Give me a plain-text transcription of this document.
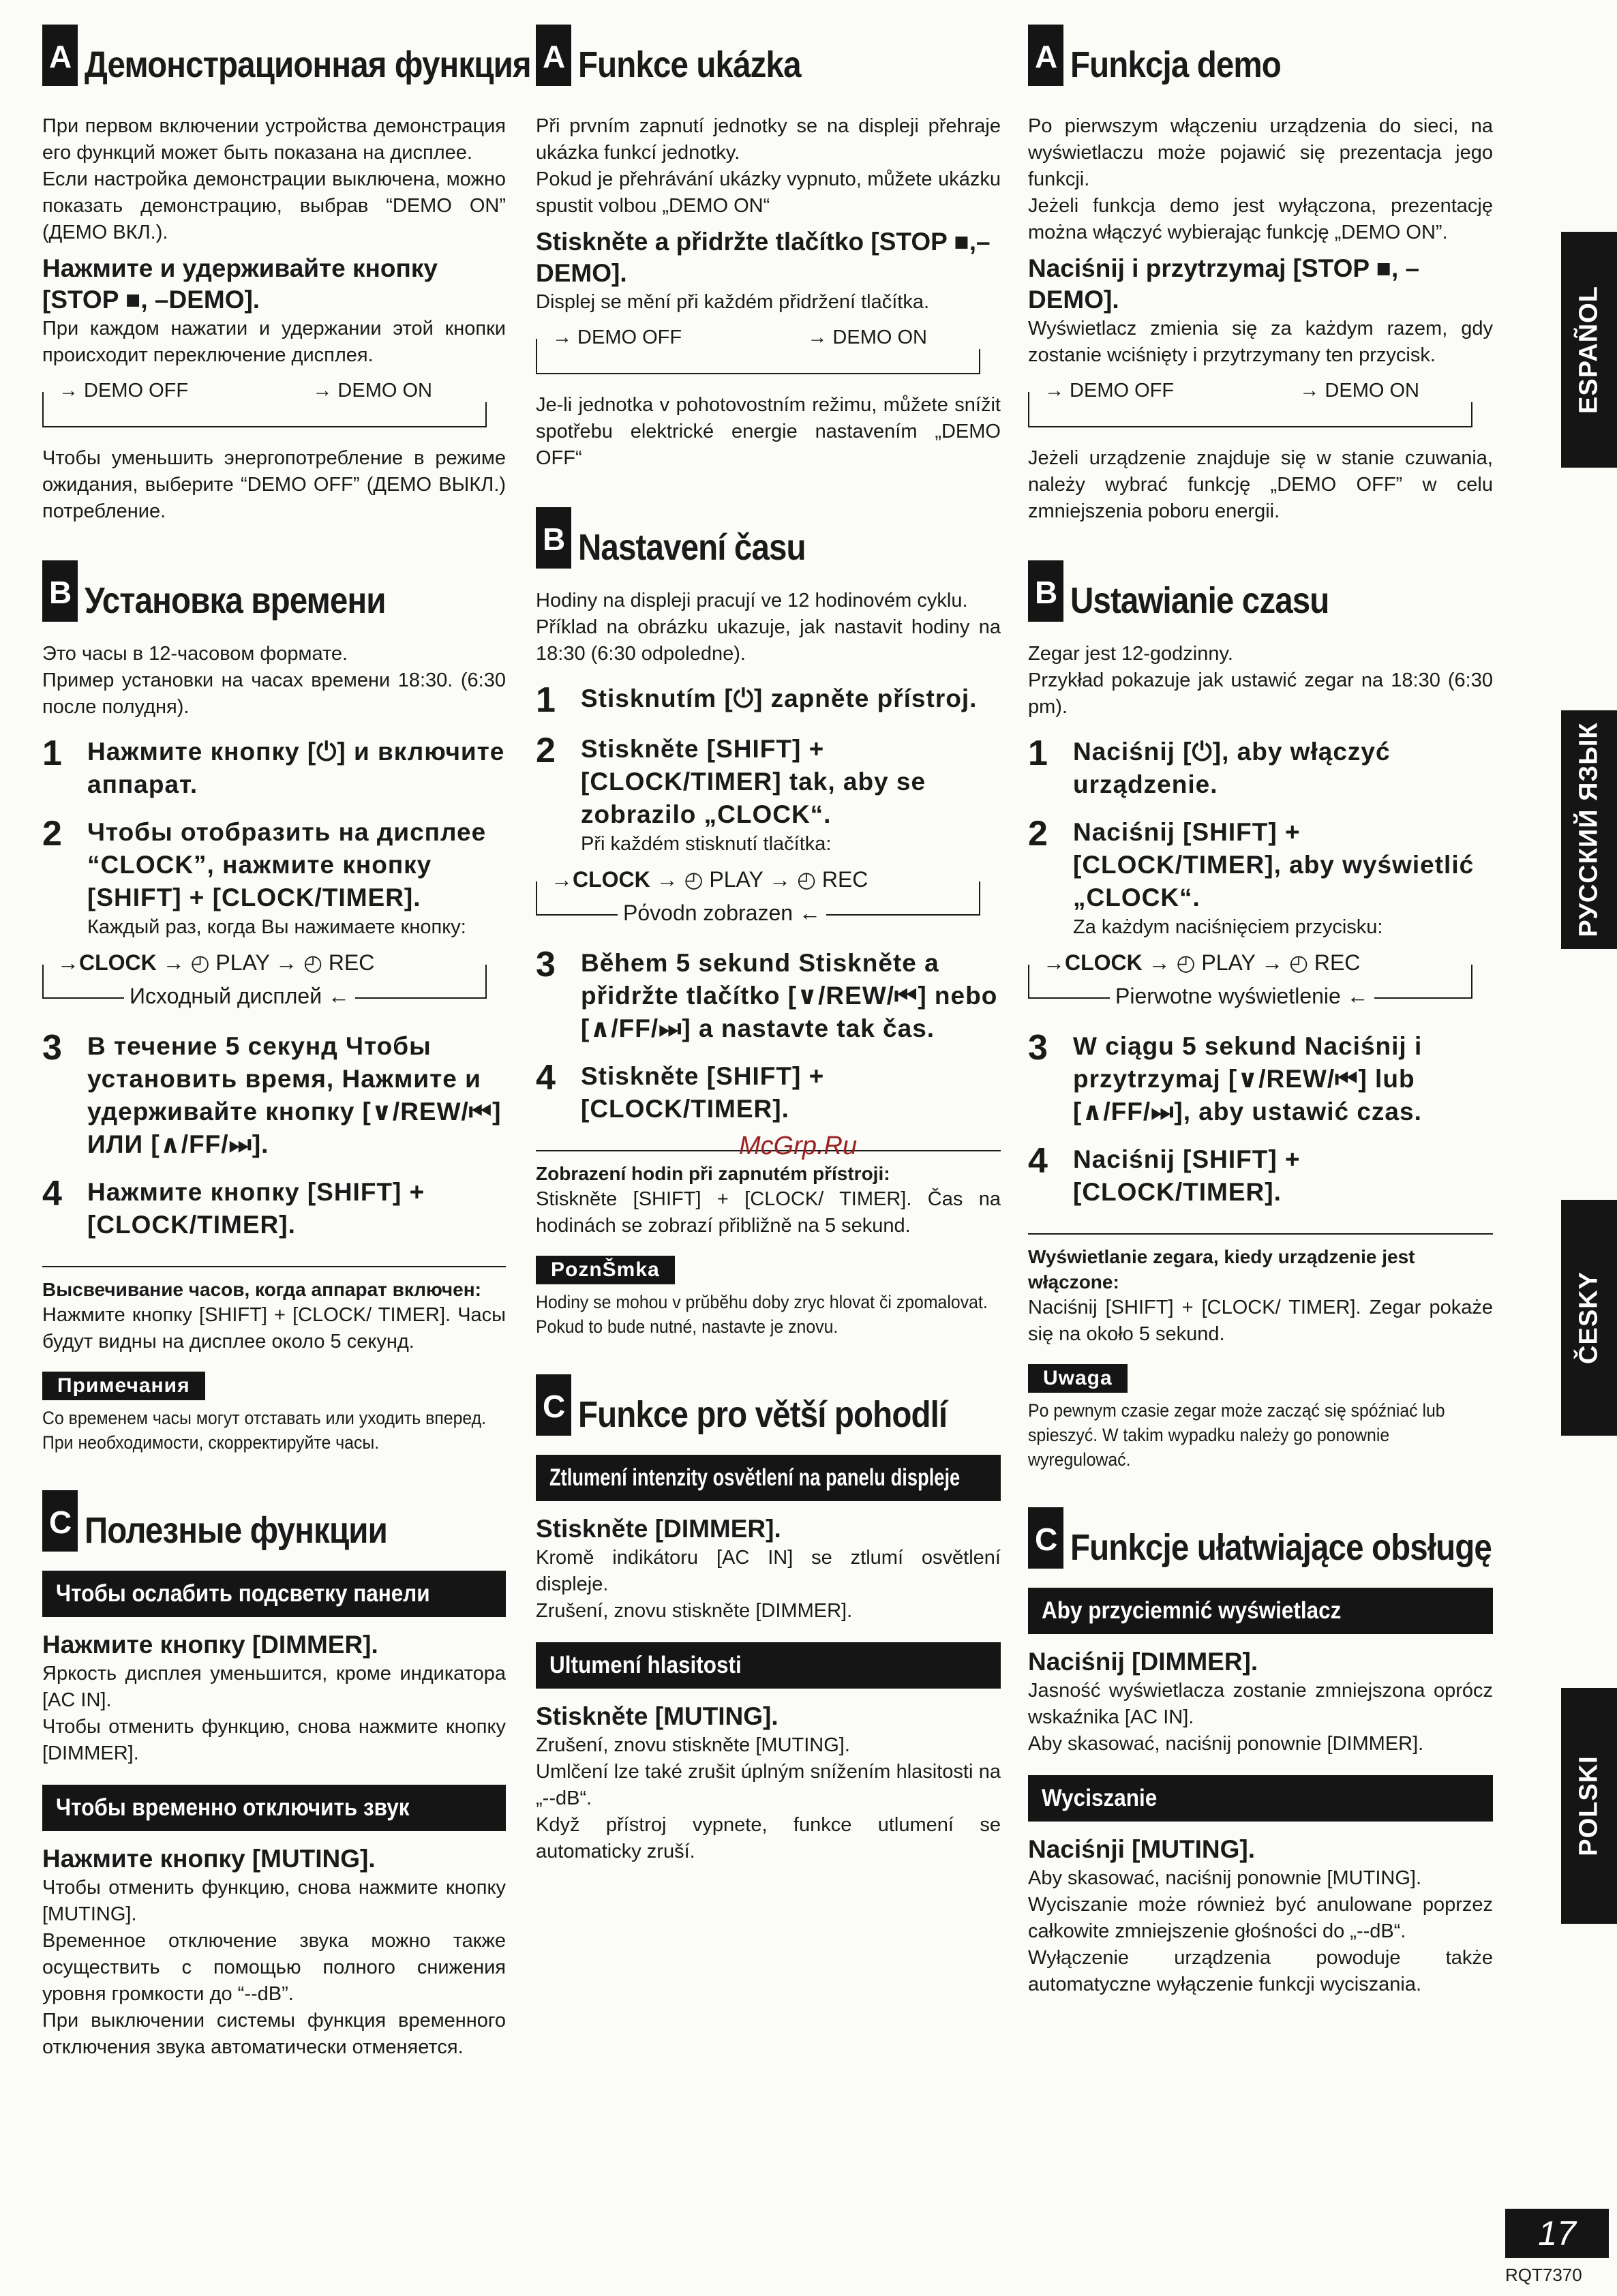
A Демонстрационная функция

При первом включении устройства демонстрация его функций может быть показана на дисплее.

Если настройка демонстрации выключена, можно показать демонстрацию, выбрав “DEMO ON” (ДЕМО ВКЛ.).

Нажмите и удерживайте кнопку [STOP ■, –DEMO].

При каждом нажатии и удержании этой кнопки происходит переключение дисплея.

→ DEMO OFF	→ DEMO ON

Чтобы уменьшить энергопотребление в режиме ожидания, выберите “DEMO OFF” (ДЕМО ВЫКЛ.) потребление.

B Установка времени

Это часы в 12-часовом формате.

Пример установки на часах времени 18:30. (6:30 после полудня).

1	Нажмите кнопку [⏻] и включите аппарат.

2	Чтобы отобразить на дисплее “CLOCK”, нажмите кнопку [SHIFT] + [CLOCK/TIMER].

Каждый раз, когда Вы нажимаете кнопку:

→CLOCK → ◴ PLAY → ◴ REC
Исходный дисплей ←
3	В течение 5 секунд Чтобы установить время, Нажмите и удерживайте кнопку [∨/REW/⏮] ИЛИ [∧/FF/⏭].

4	Нажмите кнопку [SHIFT] + [CLOCK/TIMER].

Высвечивание часов, когда аппарат включен:

Нажмите кнопку [SHIFT] + [CLOCK/ TIMER]. Часы будут видны на дисплее около 5 секунд.

Примечания

Со временем часы могут отставать или уходить вперед. При необходимости, скорректируйте часы.

C Полезные функции
Чтобы ослабить подсветку панели

Нажмите кнопку [DIMMER].

Яркость дисплея уменьшится, кроме индикатора [AC IN].

Чтобы отменить функцию, снова нажмите кнопку [DIMMER].

Чтобы временно отключить звук

Нажмите кнопку [MUTING].

Чтобы отменить функцию, снова нажмите кнопку [MUTING].

Временное отключение звука можно также осуществить с помощью полного снижения уровня громкости до “--dB”.

При выключении системы функция временного отключения звука автоматически отменяется.

A Funkce ukázka

Při prvním zapnutí jednotky se na displeji přehraje ukázka funkcí jednotky.

Pokud je přehrávání ukázky vypnuto, můžete ukázku spustit volbou „DEMO ON“

Stiskněte a přidržte tlačítko [STOP ■,–DEMO].

Displej se mění při každém přidržení tlačítka.

→ DEMO OFF	→ DEMO ON

Je-li jednotka v pohotovostním režimu, můžete snížit spotřebu elektrické energie nastavením „DEMO OFF“

B Nastavení času

Hodiny na displeji pracují ve 12 hodinovém cyklu.

Příklad na obrázku ukazuje, jak nastavit hodiny na 18:30 (6:30 odpoledne).

1	Stisknutím [⏻] zapněte přístroj.

2	Stiskněte [SHIFT] + [CLOCK/TIMER] tak, aby se zobrazilo „CLOCK“.

Při každém stisknutí tlačítka:

→CLOCK → ◴ PLAY → ◴ REC
Pόvodn zobrazen ←
3	Během 5 sekund Stiskněte a přidržte tlačítko [∨/REW/⏮] nebo [∧/FF/⏭] a nastavte tak čas.

4	Stiskněte [SHIFT] + [CLOCK/TIMER].

Zobrazení hodin při zapnutém přístroji:

Stiskněte [SHIFT] + [CLOCK/ TIMER]. Čas na hodinách se zobrazí přibližně na 5 sekund.

PoznŠmka

Hodiny se mohou v prŭbĕhu doby zryc hlovat či zpomalovat. Pokud to bude nutné, nastavte je znovu.

C Funkce pro větší pohodlí
Ztlumení intenzity osvětlení na panelu displeje

Stiskněte [DIMMER].

Kromě indikátoru [AC IN] se ztlumí osvětlení displeje.

Zrušení, znovu stiskněte [DIMMER].

Ultumení hlasitosti

Stiskněte [MUTING].

Zrušení, znovu stiskněte [MUTING].

Umlčení lze také zrušit úplným snížením hlasitosti na „--dB“.

Když přístroj vypnete, funkce utlumení se automaticky zruší.

A Funkcja demo

Po pierwszym włączeniu urządzenia do sieci, na wyświetlaczu może pojawić się prezentacja jego funkcji.

Jeżeli funkcja demo jest wyłączona, prezentację można włączyć wybierając funkcję „DEMO ON”.

Naciśnij i przytrzymaj [STOP ■, –DEMO].

Wyświetlacz zmienia się za każdym razem, gdy zostanie wciśnięty i przytrzymany ten przycisk.

→ DEMO OFF	→ DEMO ON

Jeżeli urządzenie znajduje się w stanie czuwania, należy wybrać funkcję „DEMO OFF” w celu zmniejszenia poboru energii.

B Ustawianie czasu

Zegar jest 12-godzinny.

Przykład pokazuje jak ustawić zegar na 18:30 (6:30 pm).

1	Naciśnij [⏻], aby włączyć urządzenie.

2	Naciśnij [SHIFT] + [CLOCK/TIMER], aby wyświetlić „CLOCK“.

Za każdym naciśnięciem przycisku:

→CLOCK → ◴ PLAY → ◴ REC
Pierwotne wyświetlenie ←
3	W ciągu 5 sekund Naciśnij i przytrzymaj [∨/REW/⏮] lub [∧/FF/⏭], aby ustawić czas.

4	Naciśnij [SHIFT] + [CLOCK/TIMER].

Wyświetlanie zegara, kiedy urządzenie jest włączone:

Naciśnij [SHIFT] + [CLOCK/ TIMER]. Zegar pokaże się na około 5 sekund.

Uwaga

Po pewnym czasie zegar może zacząć się spóźniać lub spieszyć. W takim wypadku należy go ponownie wyregulować.

C Funkcje ułatwiające obsługę
Aby przyciemnić wyświetlacz

Naciśnij [DIMMER].

Jasność wyświetlacza zostanie zmniejszona oprócz wskaźnika [AC IN].

Aby skasować, naciśnij ponownie [DIMMER].

Wyciszanie

Naciśnji [MUTING].

Aby skasować, naciśnij ponownie [MUTING].

Wyciszanie może również być anulowane poprzez całkowite zmniejszenie głośności do „--dB“.

Wyłączenie urządzenia powoduje także automatyczne wyłączenie funkcji wyciszania.

ESPAÑOL
РУССКИЙ ЯЗЫК
ČESKY
POLSKI
McGrp.Ru
17
RQT7370
